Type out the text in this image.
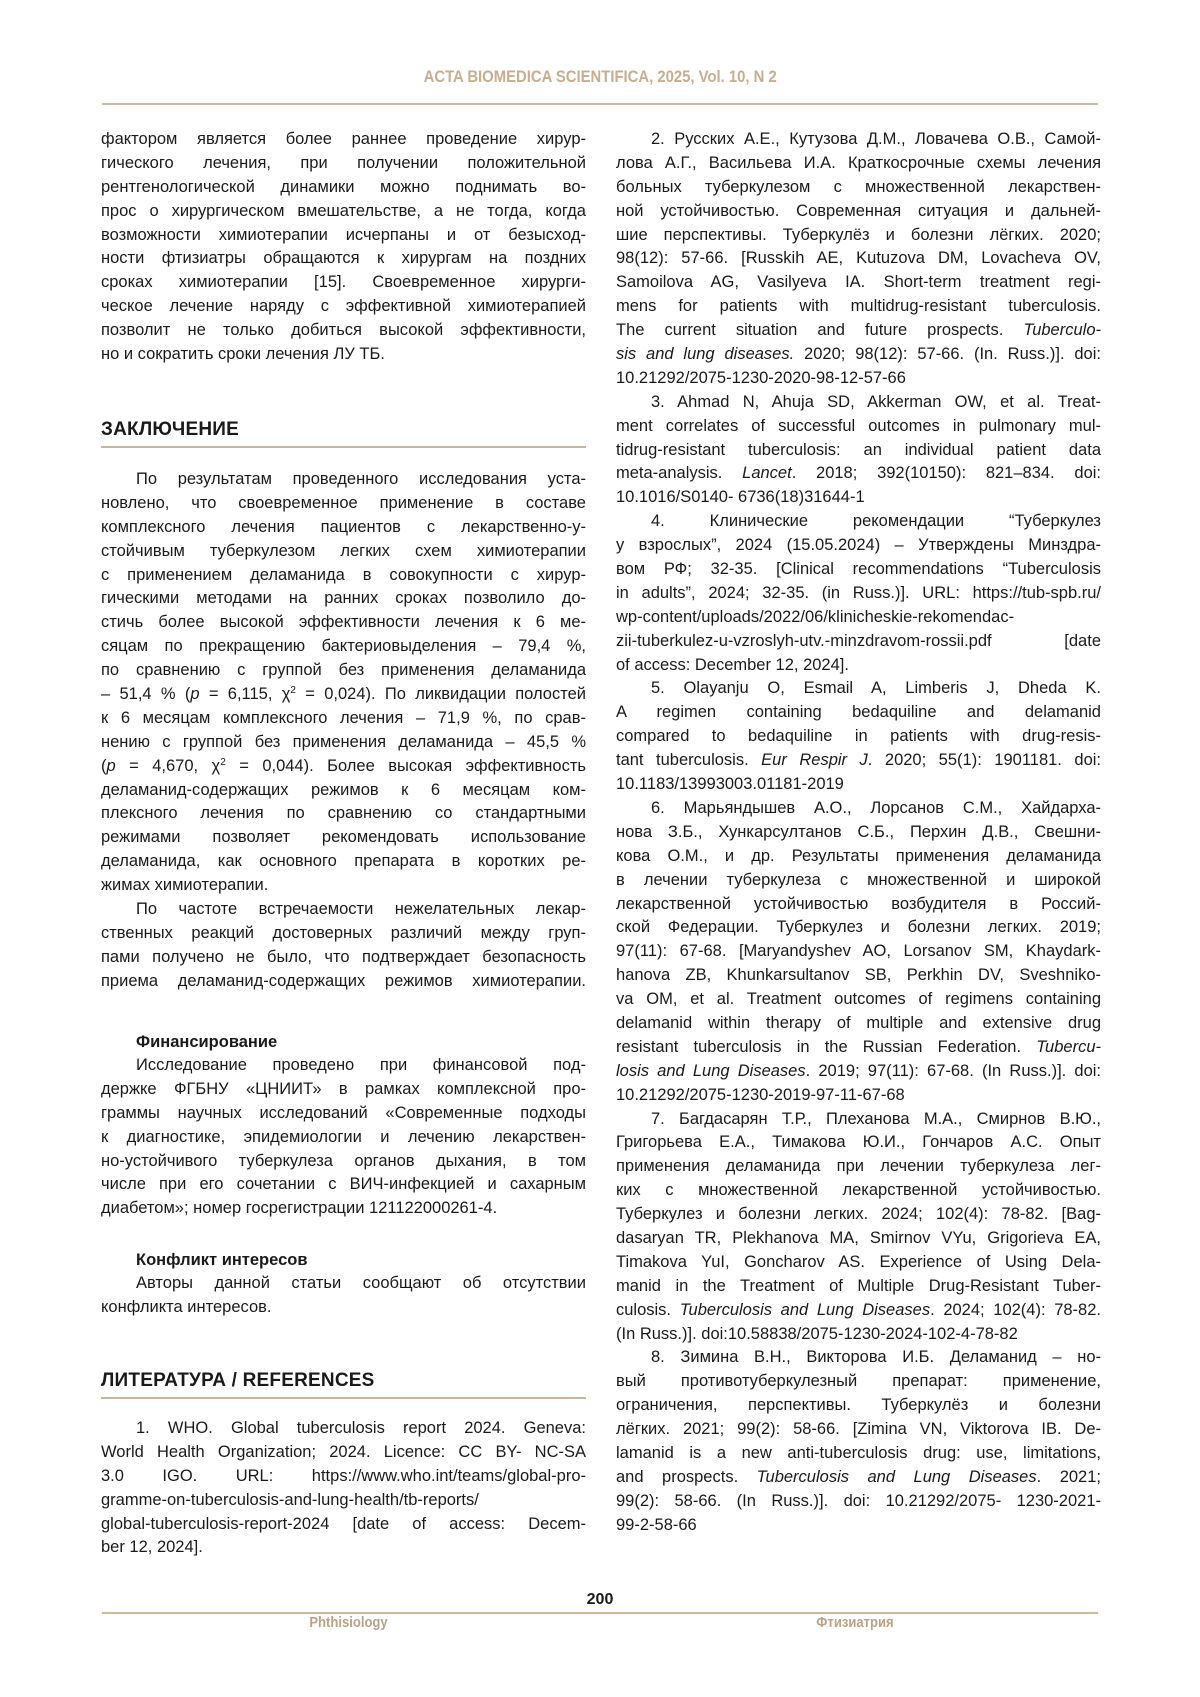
ACTA BIOMEDICA SCIENTIFICA, 2025, Vol. 10, N 2
фактором является более раннее проведение хирур-
гического лечения, при получении положительной
рентгенологической динамики можно поднимать во-
прос о хирургическом вмешательстве, а не тогда, когда
возможности химиотерапии исчерпаны и от безысход-
ности фтизиатры обращаются к хирургам на поздних
сроках химиотерапии [15]. Своевременное хирурги-
ческое лечение наряду с эффективной химиотерапией
позволит не только добиться высокой эффективности,
но и сократить сроки лечения ЛУ ТБ.
ЗАКЛЮЧЕНИЕ
По результатам проведенного исследования уста-
новлено, что своевременное применение в составе
комплексного лечения пациентов с лекарственно-у-
стойчивым туберкулезом легких схем химиотерапии
с применением деламанида в совокупности с хирур-
гическими методами на ранних сроках позволило до-
стичь более высокой эффективности лечения к 6 ме-
сяцам по прекращению бактериовыделения – 79,4 %,
по сравнению с группой без применения деламанида
– 51,4 % (p = 6,115, χ2 = 0,024). По ликвидации полостей
к 6 месяцам комплексного лечения – 71,9 %, по срав-
нению с группой без применения деламанида – 45,5 %
(p = 4,670, χ2 = 0,044). Более высокая эффективность
деламанид-содержащих режимов к 6 месяцам ком-
плексного лечения по сравнению со стандартными
режимами позволяет рекомендовать использование
деламанида, как основного препарата в коротких ре-
жимах химиотерапии.
По частоте встречаемости нежелательных лекар-
ственных реакций достоверных различий между груп-
пами получено не было, что подтверждает безопасность
приема деламанид-содержащих режимов химиотерапии.
Финансирование
Исследование проведено при финансовой под-
держке ФГБНУ «ЦНИИТ» в рамках комплексной про-
граммы научных исследований «Современные подходы
к диагностике, эпидемиологии и лечению лекарствен-
но-устойчивого туберкулеза органов дыхания, в том
числе при его сочетании с ВИЧ-инфекцией и сахарным
диабетом»; номер госрегистрации 121122000261-4.
Конфликт интересов
Авторы данной статьи сообщают об отсутствии
конфликта интересов.
ЛИТЕРАТУРА / REFERENCES
1. WHO. Global tuberculosis report 2024. Geneva:
World Health Organization; 2024. Licence: CC BY- NC-SA
3.0 IGO. URL: https://www.who.int/teams/global-pro-
gramme-on-tuberculosis-and-lung-health/tb-reports/
global-tuberculosis-report-2024 [date of access: Decem-
ber 12, 2024].
2. Русских А.Е., Кутузова Д.М., Ловачева О.В., Самой-
лова А.Г., Васильева И.А. Краткосрочные схемы лечения
больных туберкулезом с множественной лекарствен-
ной устойчивостью. Современная ситуация и дальней-
шие перспективы. Туберкулёз и болезни лёгких. 2020;
98(12): 57-66. [Russkih AE, Kutuzova DM, Lovacheva OV,
Samoilova AG, Vasilyeva IA. Short-term treatment regi-
mens for patients with multidrug-resistant tuberculosis.
The current situation and future prospects. Tuberculo-
sis and lung diseases. 2020; 98(12): 57-66. (In. Russ.)]. doi:
10.21292/2075-1230-2020-98-12-57-66
3. Ahmad N, Ahuja SD, Akkerman OW, et al. Treat-
ment correlates of successful outcomes in pulmonary mul-
tidrug-resistant tuberculosis: an individual patient data
meta-analysis. Lancet. 2018; 392(10150): 821–834. doi:
10.1016/S0140- 6736(18)31644-1
4. Клинические рекомендации “Туберкулез
у взрослых”, 2024 (15.05.2024) – Утверждены Минздра-
вом РФ; 32-35. [Clinical recommendations “Tuberculosis
in adults”, 2024; 32-35. (in Russ.)]. URL: https://tub-spb.ru/
wp-content/uploads/2022/06/klinicheskie-rekomendac-
zii-tuberkulez-u-vzroslyh-utv.-minzdravom-rossii.pdf [date
of access: December 12, 2024].
5. Olayanju O, Esmail A, Limberis J, Dheda K.
A regimen containing bedaquiline and delamanid
compared to bedaquiline in patients with drug-resis-
tant tuberculosis. Eur Respir J. 2020; 55(1): 1901181. doi:
10.1183/13993003.01181-2019
6. Марьяндышев А.О., Лорсанов С.М., Хайдарха-
нова З.Б., Хункарсултанов С.Б., Перхин Д.В., Свешни-
кова О.М., и др. Результаты применения деламанида
в лечении туберкулеза с множественной и широкой
лекарственной устойчивостью возбудителя в Россий-
ской Федерации. Туберкулез и болезни легких. 2019;
97(11): 67-68. [Maryandyshev AO, Lorsanov SM, Khaydark-
hanova ZB, Khunkarsultanov SB, Perkhin DV, Sveshniko-
va OM, et al. Treatment outcomes of regimens containing
delamanid within therapy of multiple and extensive drug
resistant tuberculosis in the Russian Federation. Tubercu-
losis and Lung Diseases. 2019; 97(11): 67-68. (In Russ.)]. doi:
10.21292/2075-1230-2019-97-11-67-68
7. Багдасарян Т.Р., Плеханова М.А., Смирнов В.Ю.,
Григорьева Е.А., Тимакова Ю.И., Гончаров А.С. Опыт
применения деламанида при лечении туберкулеза лег-
ких с множественной лекарственной устойчивостью.
Туберкулез и болезни легких. 2024; 102(4): 78-82. [Bag-
dasaryan TR, Plekhanova MA, Smirnov VYu, Grigorieva EA,
Timakova YuI, Goncharov AS. Experience of Using Dela-
manid in the Treatment of Multiple Drug-Resistant Tuber-
culosis. Tuberculosis and Lung Diseases. 2024; 102(4): 78-82.
(In Russ.)]. doi:10.58838/2075-1230-2024-102-4-78-82
8. Зимина В.Н., Викторова И.Б. Деламанид – но-
вый противотуберкулезный препарат: применение,
ограничения, перспективы. Туберкулёз и болезни
лёгких. 2021; 99(2): 58-66. [Zimina VN, Viktorova IB. De-
lamanid is a new anti-tuberculosis drug: use, limitations,
and prospects. Tuberculosis and Lung Diseases. 2021;
99(2): 58-66. (In Russ.)]. doi: 10.21292/2075- 1230-2021-
99-2-58-66
200
Phthisiology	Фтизиатрия
